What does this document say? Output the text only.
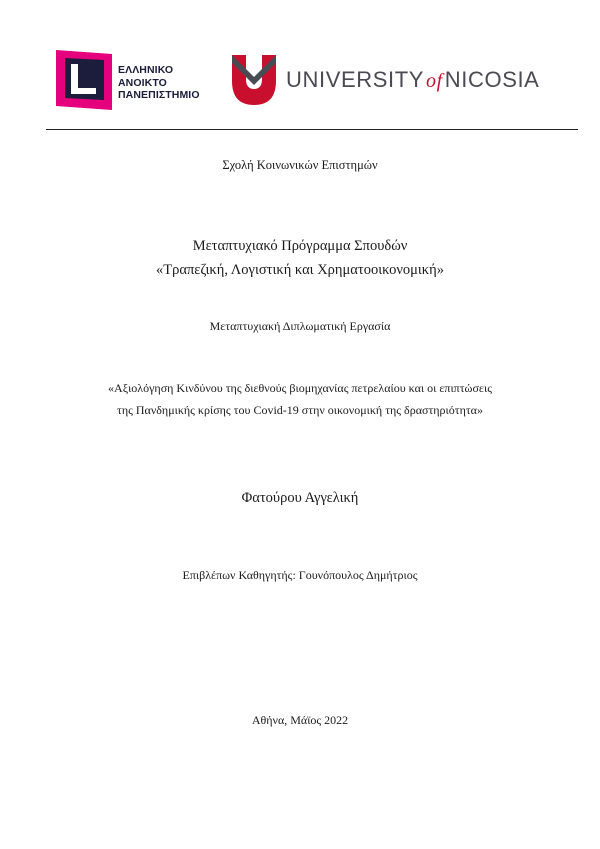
ΕΛΛΗΝΙΚΟ
ΑΝΟΙΚΤΟ
ΠΑΝΕΠΙΣΤΗΜΙΟ
UNIVERSITY ofNICOSIA
Σχολή Κοινωνικών Επιστημών
Μεταπτυχιακό Πρόγραμμα Σπουδών
«Τραπεζική, Λογιστική και Χρηματοοικονομική»
Μεταπτυχιακή Διπλωματική Εργασία
«Αξιολόγηση Κινδύνου της διεθνούς βιομηχανίας πετρελαίου και οι επιπτώσεις
της Πανδημικής κρίσης του Covid-19 στην οικονομική της δραστηριότητα»
Φατούρου Αγγελική
Επιβλέπων Καθηγητής: Γουνόπουλος Δημήτριος
Αθήνα, Μάϊος 2022
